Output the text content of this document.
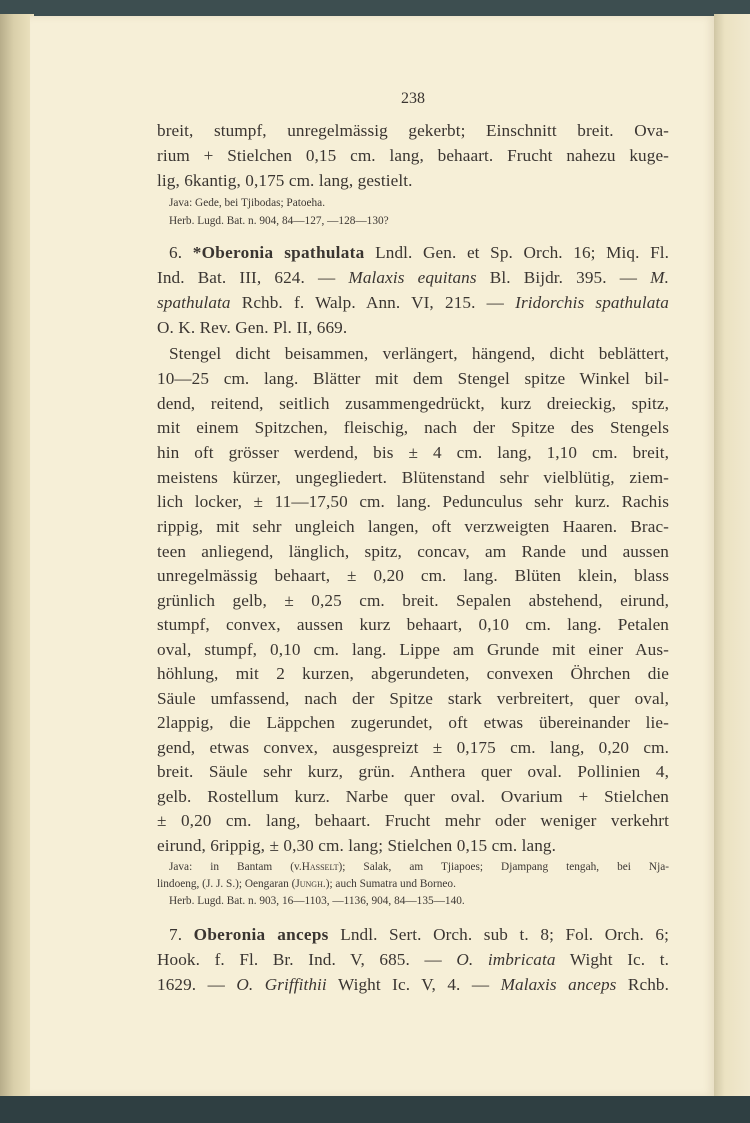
238
breit, stumpf, unregelmässig gekerbt; Einschnitt breit. Ova-
rium + Stielchen 0,15 cm. lang, behaart. Frucht nahezu kuge-
lig, 6kantig, 0,175 cm. lang, gestielt.
Java: Gede, bei Tjibodas; Patoeha.
Herb. Lugd. Bat. n. 904, 84—127, —128—130?
6. *Oberonia spathulata Lndl. Gen. et Sp. Orch. 16; Miq. Fl.
Ind. Bat. III, 624. — Malaxis equitans Bl. Bijdr. 395. — M.
spathulata Rchb. f. Walp. Ann. VI, 215. — Iridorchis spathulata
O. K. Rev. Gen. Pl. II, 669.
Stengel dicht beisammen, verlängert, hängend, dicht beblättert,
10—25 cm. lang. Blätter mit dem Stengel spitze Winkel bil-
dend, reitend, seitlich zusammengedrückt, kurz dreieckig, spitz,
mit einem Spitzchen, fleischig, nach der Spitze des Stengels
hin oft grösser werdend, bis ± 4 cm. lang, 1,10 cm. breit,
meistens kürzer, ungegliedert. Blütenstand sehr vielblütig, ziem-
lich locker, ± 11—17,50 cm. lang. Pedunculus sehr kurz. Rachis
rippig, mit sehr ungleich langen, oft verzweigten Haaren. Brac-
teen anliegend, länglich, spitz, concav, am Rande und aussen
unregelmässig behaart, ± 0,20 cm. lang. Blüten klein, blass
grünlich gelb, ± 0,25 cm. breit. Sepalen abstehend, eirund,
stumpf, convex, aussen kurz behaart, 0,10 cm. lang. Petalen
oval, stumpf, 0,10 cm. lang. Lippe am Grunde mit einer Aus-
höhlung, mit 2 kurzen, abgerundeten, convexen Öhrchen die
Säule umfassend, nach der Spitze stark verbreitert, quer oval,
2lappig, die Läppchen zugerundet, oft etwas übereinander lie-
gend, etwas convex, ausgespreizt ± 0,175 cm. lang, 0,20 cm.
breit. Säule sehr kurz, grün. Anthera quer oval. Pollinien 4,
gelb. Rostellum kurz. Narbe quer oval. Ovarium + Stielchen
± 0,20 cm. lang, behaart. Frucht mehr oder weniger verkehrt
eirund, 6rippig, ± 0,30 cm. lang; Stielchen 0,15 cm. lang.
Java: in Bantam (v.Hasselt); Salak, am Tjiapoes; Djampang tengah, bei Nja-
lindoeng, (J. J. S.); Oengaran (Jungh.); auch Sumatra und Borneo.
Herb. Lugd. Bat. n. 903, 16—1103, —1136, 904, 84—135—140.
7. Oberonia anceps Lndl. Sert. Orch. sub t. 8; Fol. Orch. 6;
Hook. f. Fl. Br. Ind. V, 685. — O. imbricata Wight Ic. t.
1629. — O. Griffithii Wight Ic. V, 4. — Malaxis anceps Rchb.
